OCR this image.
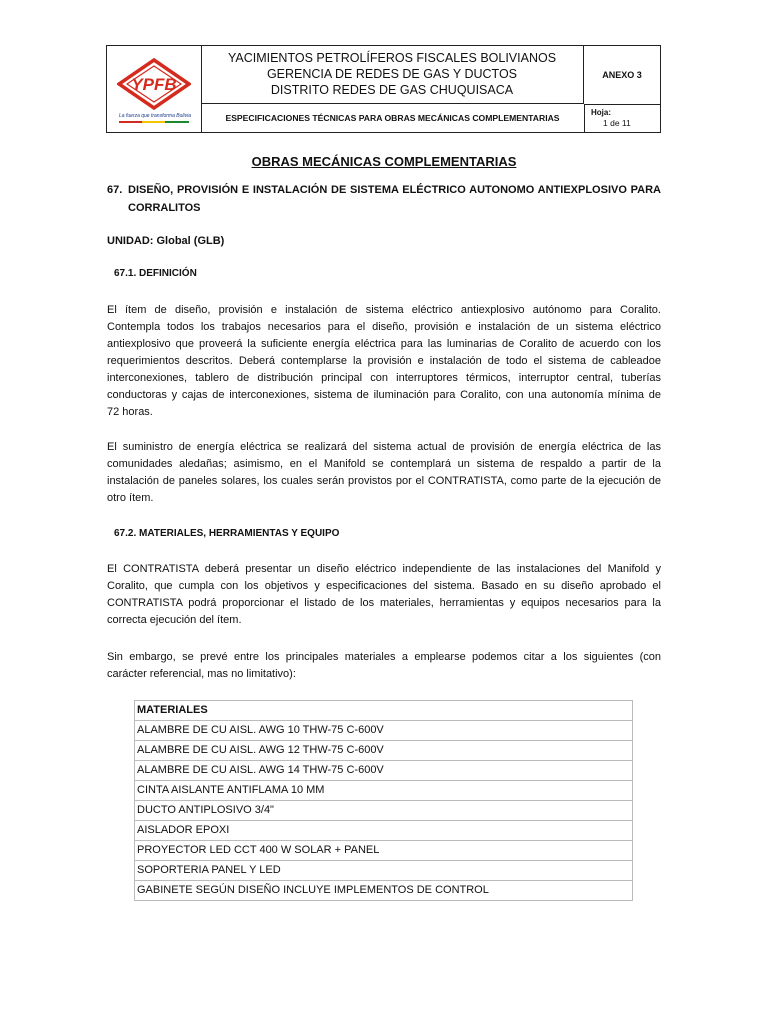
YPFB
La fuerza que transforma Bolivia
YACIMIENTOS PETROLÍFEROS FISCALES BOLIVIANOS
GERENCIA DE REDES DE GAS Y DUCTOS
DISTRITO REDES DE GAS CHUQUISACA
ANEXO 3
ESPECIFICACIONES TÉCNICAS PARA OBRAS MECÁNICAS COMPLEMENTARIAS
Hoja:
1 de 11
OBRAS MECÁNICAS COMPLEMENTARIAS
67. DISEÑO, PROVISIÓN E INSTALACIÓN DE SISTEMA ELÉCTRICO AUTONOMO ANTIEXPLOSIVO PARA
CORRALITOS
UNIDAD: Global (GLB)
67.1. DEFINICIÓN

El ítem de diseño, provisión e instalación de sistema eléctrico antiexplosivo autónomo para Coralito.
Contempla todos los trabajos necesarios para el diseño, provisión e instalación de un sistema eléctrico
antiexplosivo que proveerá la suficiente energía eléctrica para las luminarias de Coralito de acuerdo con los
requerimientos descritos. Deberá contemplarse la provisión e instalación de todo el sistema de cableadoe
interconexiones, tablero de distribución principal con interruptores térmicos, interruptor central, tuberías
conductoras y cajas de interconexiones, sistema de iluminación para Coralito, con una autonomía mínima de
72 horas.

El suministro de energía eléctrica se realizará del sistema actual de provisión de energía eléctrica de las
comunidades aledañas; asimismo, en el Manifold se contemplará un sistema de respaldo a partir de la
instalación de paneles solares, los cuales serán provistos por el CONTRATISTA, como parte de la ejecución de
otro ítem.

67.2. MATERIALES, HERRAMIENTAS Y EQUIPO

El CONTRATISTA deberá presentar un diseño eléctrico independiente de las instalaciones del Manifold y
Coralito, que cumpla con los objetivos y especificaciones del sistema. Basado en su diseño aprobado el
CONTRATISTA podrá proporcionar el listado de los materiales, herramientas y equipos necesarios para la
correcta ejecución del ítem.

Sin embargo, se prevé entre los principales materiales a emplearse podemos citar a los siguientes (con
carácter referencial, mas no limitativo):

MATERIALES
ALAMBRE DE CU AISL. AWG 10 THW-75 C-600V
ALAMBRE DE CU AISL. AWG 12 THW-75 C-600V
ALAMBRE DE CU AISL. AWG 14 THW-75 C-600V
CINTA AISLANTE ANTIFLAMA 10 MM
DUCTO ANTIPLOSIVO 3/4"
AISLADOR EPOXI
PROYECTOR LED CCT 400 W SOLAR + PANEL
SOPORTERIA PANEL Y LED
GABINETE SEGÚN DISEÑO INCLUYE IMPLEMENTOS DE CONTROL
